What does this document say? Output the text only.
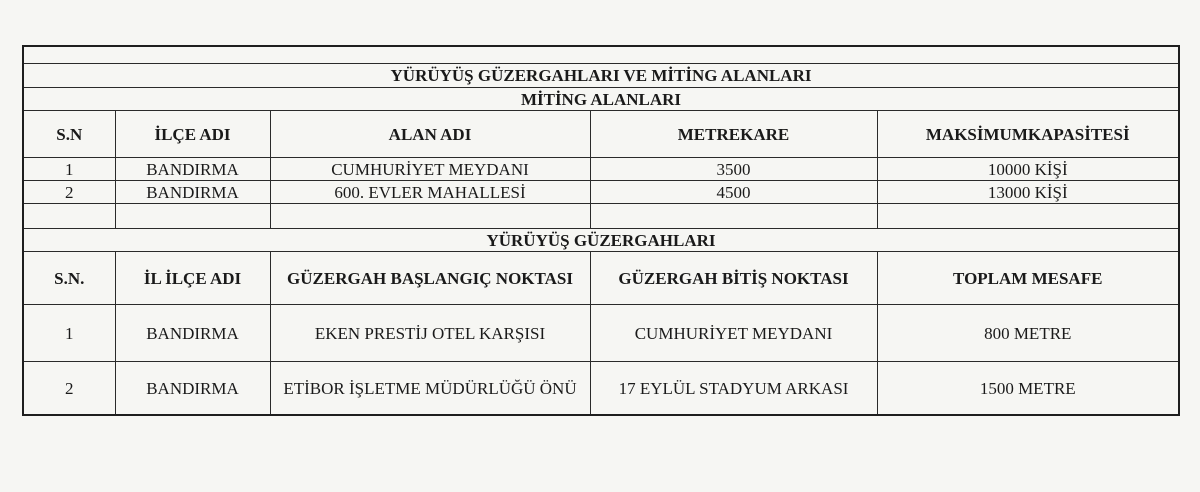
YÜRÜYÜŞ GÜZERGAHLARI VE MİTİNG ALANLARI				
MİTİNG ALANLARI				
S.N	İLÇE ADI	ALAN ADI	METREKARE	MAKSİMUMKAPASİTESİ
1	BANDIRMA	CUMHURİYET MEYDANI	3500	10000 KİŞİ
2	BANDIRMA	600. EVLER MAHALLESİ	4500	13000 KİŞİ

YÜRÜYÜŞ GÜZERGAHLARI				
S.N.	İL İLÇE ADI	GÜZERGAH BAŞLANGIÇ NOKTASI	GÜZERGAH BİTİŞ NOKTASI	TOPLAM MESAFE
1	BANDIRMA	EKEN PRESTİJ OTEL KARŞISI	CUMHURİYET MEYDANI	800 METRE
2	BANDIRMA	ETİBOR İŞLETME MÜDÜRLÜĞÜ ÖNÜ	17 EYLÜL STADYUM ARKASI	1500 METRE
